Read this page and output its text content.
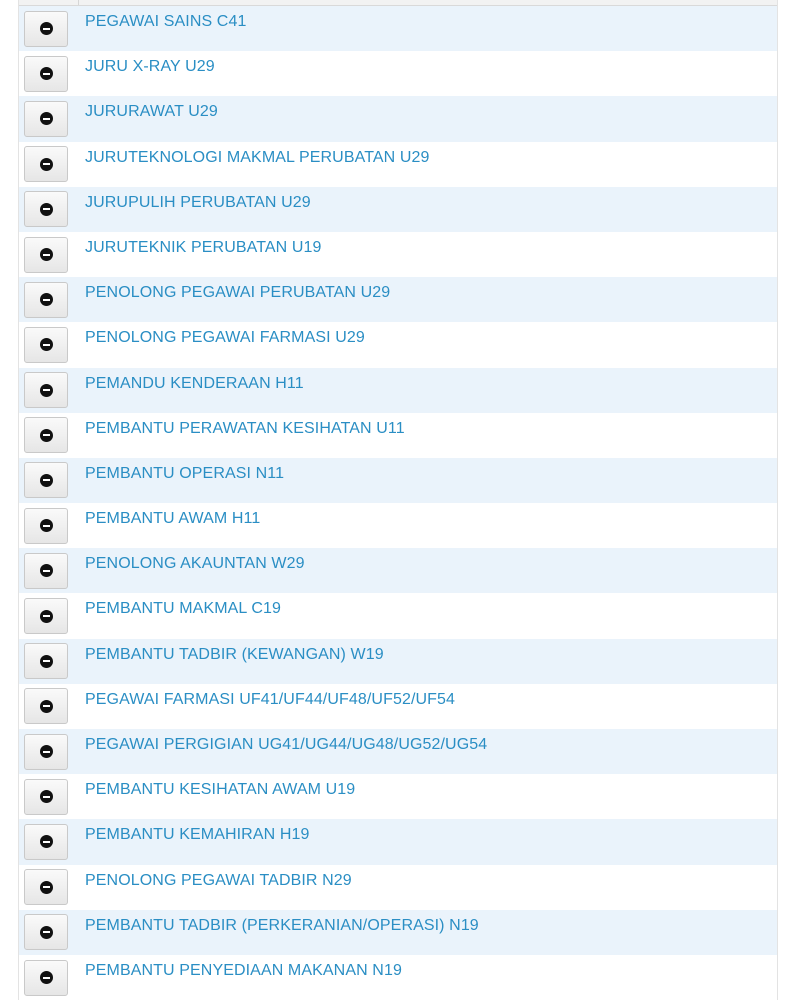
PEGAWAI SAINS C41
JURU X-RAY U29
JURURAWAT U29
JURUTEKNOLOGI MAKMAL PERUBATAN U29
JURUPULIH PERUBATAN U29
JURUTEKNIK PERUBATAN U19
PENOLONG PEGAWAI PERUBATAN U29
PENOLONG PEGAWAI FARMASI U29
PEMANDU KENDERAAN H11
PEMBANTU PERAWATAN KESIHATAN U11
PEMBANTU OPERASI N11
PEMBANTU AWAM H11
PENOLONG AKAUNTAN W29
PEMBANTU MAKMAL C19
PEMBANTU TADBIR (KEWANGAN) W19
PEGAWAI FARMASI UF41/UF44/UF48/UF52/UF54
PEGAWAI PERGIGIAN UG41/UG44/UG48/UG52/UG54
PEMBANTU KESIHATAN AWAM U19
PEMBANTU KEMAHIRAN H19
PENOLONG PEGAWAI TADBIR N29
PEMBANTU TADBIR (PERKERANIAN/OPERASI) N19
PEMBANTU PENYEDIAAN MAKANAN N19
